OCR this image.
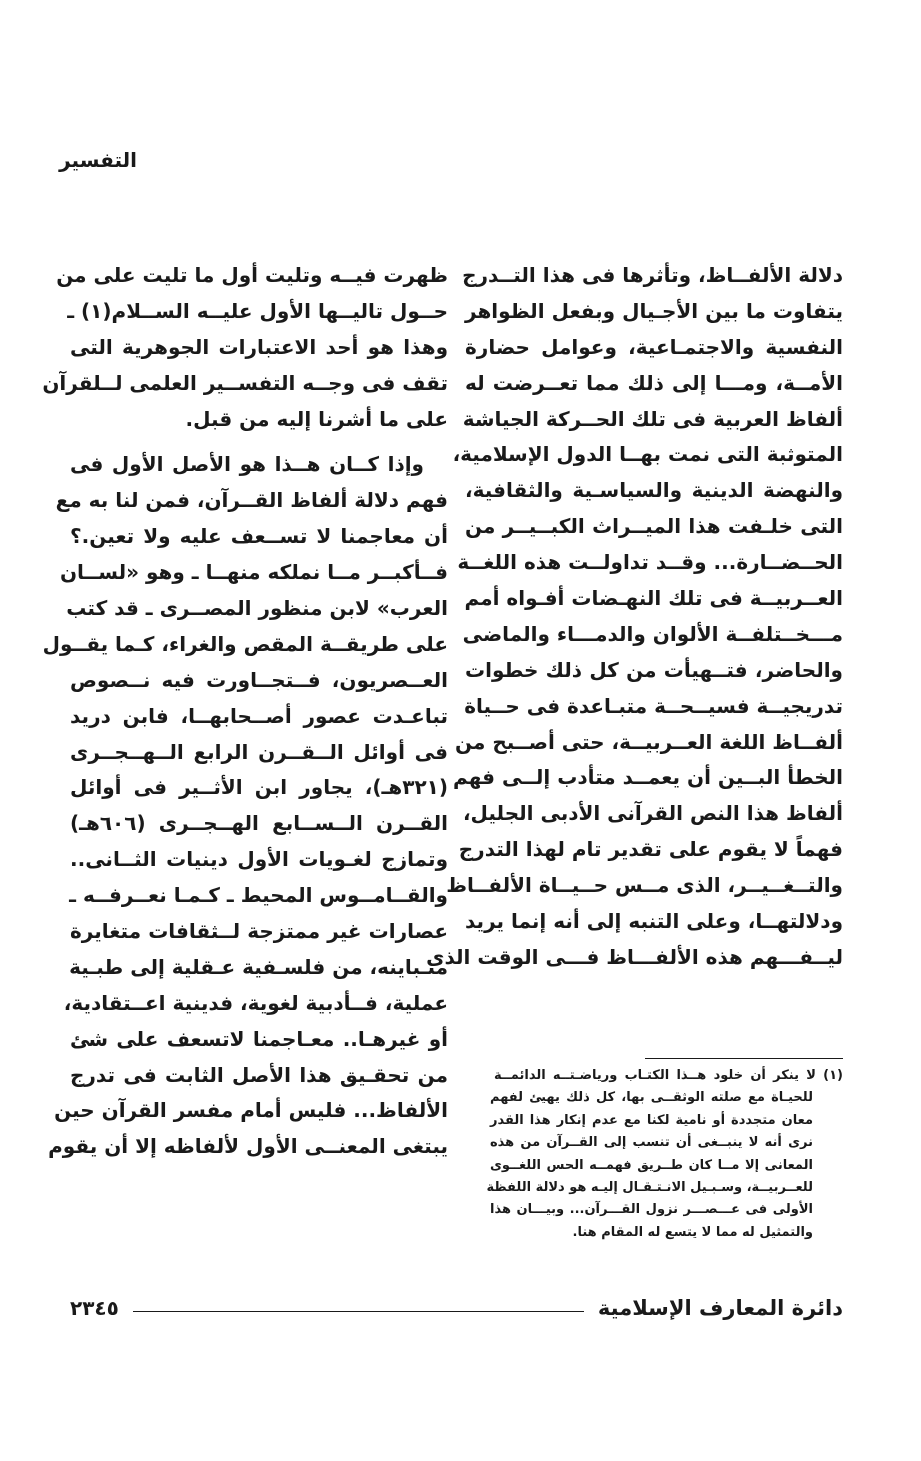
التفسير
دلالة الألفــاظ، وتأثرها فى هذا التــدرج
يتفاوت ما بين الأجـيال وبفعل الظواهر
النفسية والاجتمـاعية، وعوامل حضارة
الأمــة، ومـــا إلى ذلك مما تعــرضت له
ألفاظ العربية فى تلك الحــركة الجياشة
المتوثبة التى نمت بهــا الدول الإسلامية،
والنهضة الدينية والسياسـية والثقافية،
التى خلـفت هذا الميــراث الكبــيــر من
الحــضــارة... وقــد تداولــت هذه اللغــة
العــربيــة فى تلك النهـضات أفـواه أمم
مـــخــتلفــة الألوان والدمـــاء والماضى
والحاضر، فتــهيأت من كل ذلك خطوات
تدريجيــة فسيــحــة متبـاعدة فى حــياة
ألفــاظ اللغة العــربيــة، حتى أصــبح من
الخطأ البــين أن يعمــد متأدب إلــى فهم
ألفاظ هذا النص القرآنى الأدبى الجليل،
فهماً لا يقوم على تقدير تام لهذا التدرج
والتــغــيــر، الذى مــس حــيــاة الألفــاظ
ودلالتهــا، وعلى التنبه إلى أنه إنما يريد
ليــفـــهم هذه الألفـــاظ فـــى الوقت الذى
ظهرت فيــه وتليت أول ما تليت على من
حــول تاليــها الأول عليــه الســلام(١) ـ
وهذا هو أحد الاعتبارات الجوهرية التى
تقف فى وجــه التفســير العلمى لــلقرآن
على ما أشرنا إليه من قبل.
وإذا كــان هــذا هو الأصل الأول فى
فهم دلالة ألفاظ القــرآن، فمن لنا به مع
أن معاجمنا لا تســعف عليه ولا تعين.؟
فــأكبــر مــا نملكه منهــا ـ وهو «لســان
العرب» لابن منظور المصــرى ـ قد كتب
على طريقــة المقص والغراء، كـما يقــول
العــصريون، فــتجــاورت فيه نــصوص
تباعـدت عصور أصــحابهــا، فابن دريد
فى أوائل الــقــرن الرابع الــهــجــرى
(٣٢١هـ)، يجاور ابن الأثــير فى أوائل
القــرن الــســابع الهــجــرى (٦٠٦هـ)
وتمازج لغـويات الأول دينيات الثــانى..
والقــامــوس المحيط ـ كـمـا نعــرفــه ـ
عصارات غير ممتزجة لــثقافات متغايرة
متـباينه، من فلسـفية عـقلية إلى طبـية
عملية، فــأدبية لغوية، فدينية اعــتقادية،
أو غيرهـا.. معـاجمنا لاتسعف على شئ
من تحقـيق هذا الأصل الثابت فى تدرج
الألفاظ... فليس أمام مفسر القرآن حين
يبتغى المعنــى الأول لألفاظه إلا أن يقوم
(١) لا ينكر أن خلود هــذا الكتـاب ورياضـتــه الدائمــة
للحيـاة مع صلته الوثقــى بها، كل ذلك يهيئ لفهم
معان متجددة أو نامية لكنا مع عدم إنكار هذا القدر
نرى أنه لا ينبــغى أن تنسب إلى القــرآن من هذه
المعانى إلا مــا كان طــريق فهمــه الحس اللغــوى
للعــربيــة، وسـبـيل الانـتـقـال إليـه هو دلالة اللفظة
الأولى فى عـــصـــر نزول القـــرآن... وبيـــان هذا
والتمثيل له مما لا يتسع له المقام هنا.
دائرة المعارف الإسلامية
٢٣٤٥
